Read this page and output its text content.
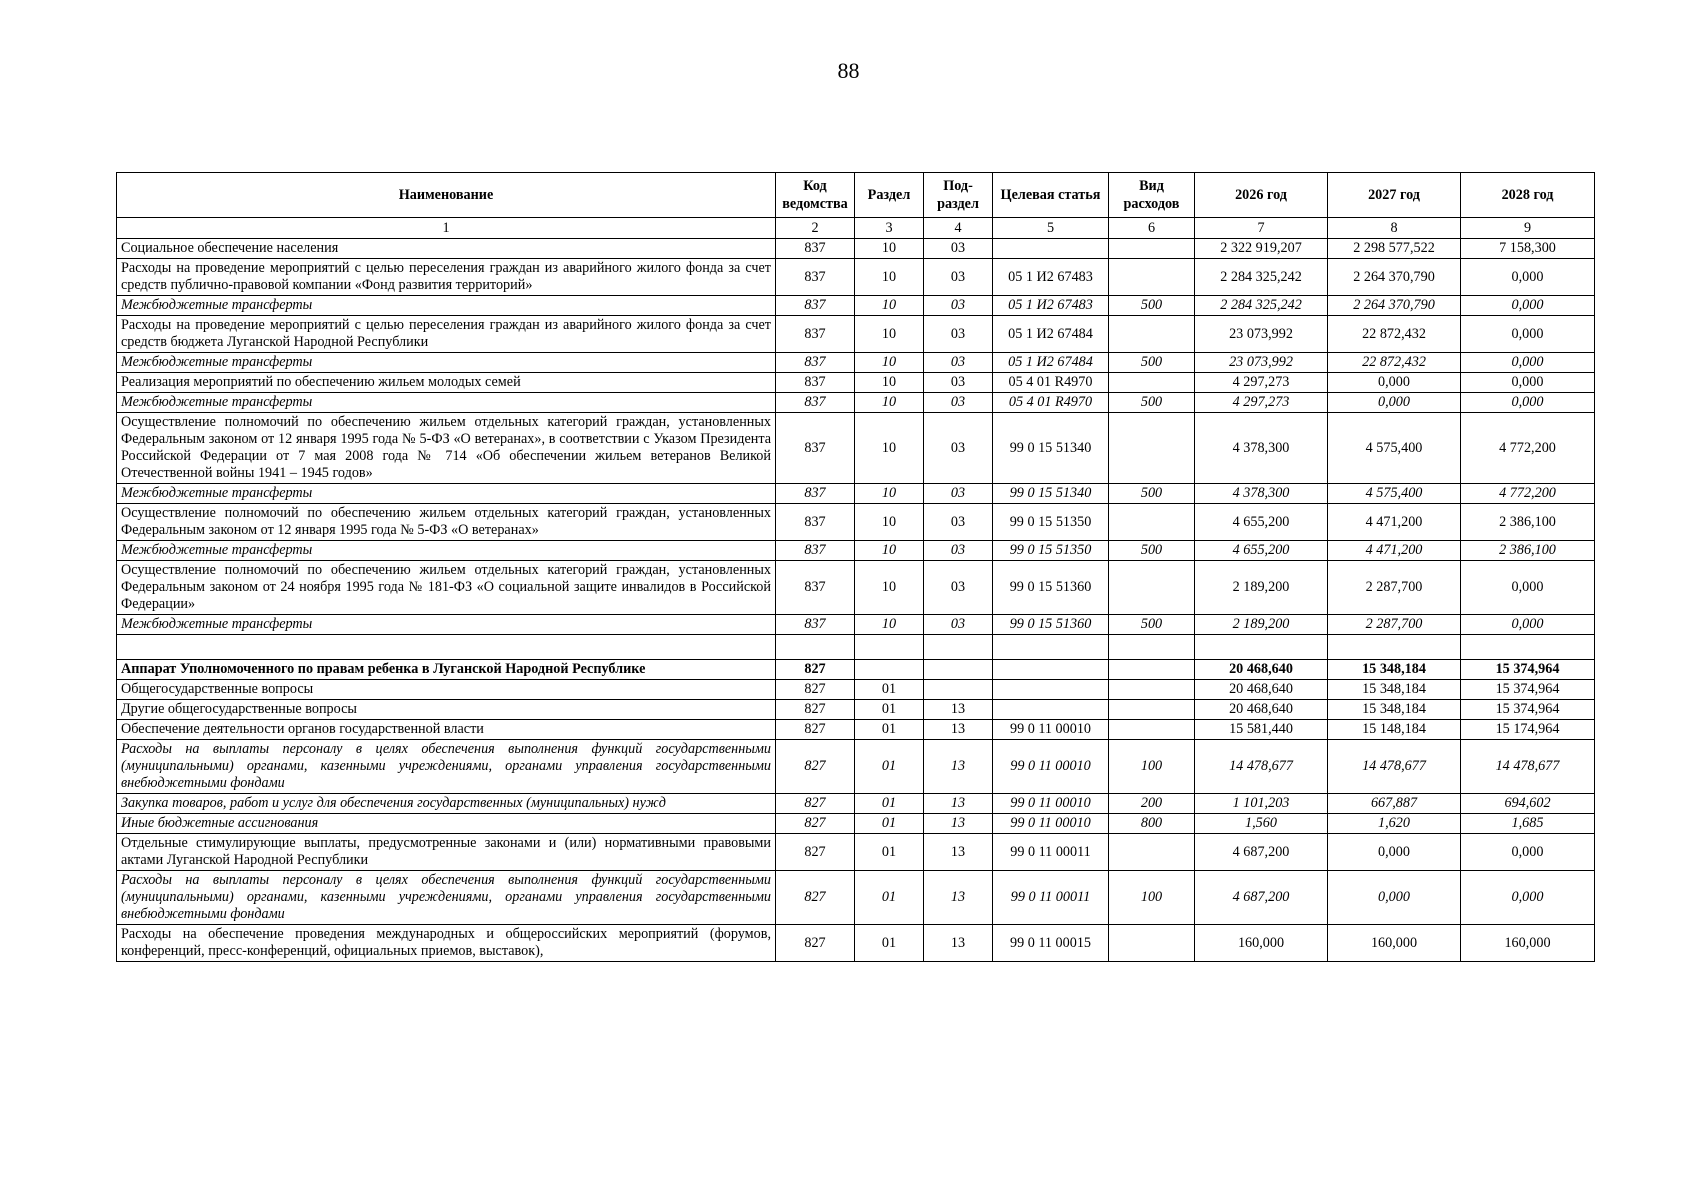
88
Наименование	Код ведомства	Раздел	Под-раздел	Целевая статья	Вид расходов	2026 год	2027 год	2028 год
1	2	3	4	5	6	7	8	9
Социальное обеспечение населения	837	10	03			2 322 919,207	2 298 577,522	7 158,300
Расходы на проведение мероприятий с целью переселения граждан из аварийного жилого фонда за счет средств публично-правовой компании «Фонд развития территорий»	837	10	03	05 1 И2 67483		2 284 325,242	2 264 370,790	0,000
Межбюджетные трансферты	837	10	03	05 1 И2 67483	500	2 284 325,242	2 264 370,790	0,000
Расходы на проведение мероприятий с целью переселения граждан из аварийного жилого фонда за счет средств бюджета Луганской Народной Республики	837	10	03	05 1 И2 67484		23 073,992	22 872,432	0,000
Межбюджетные трансферты	837	10	03	05 1 И2 67484	500	23 073,992	22 872,432	0,000
Реализация мероприятий по обеспечению жильем молодых семей	837	10	03	05 4 01 R4970		4 297,273	0,000	0,000
Межбюджетные трансферты	837	10	03	05 4 01 R4970	500	4 297,273	0,000	0,000
Осуществление полномочий по обеспечению жильем отдельных категорий граждан, установленных Федеральным законом от 12 января 1995 года № 5-ФЗ «О ветеранах», в соответствии с Указом Президента Российской Федерации от 7 мая 2008 года № 714 «Об обеспечении жильем ветеранов Великой Отечественной войны 1941 – 1945 годов»	837	10	03	99 0 15 51340		4 378,300	4 575,400	4 772,200
Межбюджетные трансферты	837	10	03	99 0 15 51340	500	4 378,300	4 575,400	4 772,200
Осуществление полномочий по обеспечению жильем отдельных категорий граждан, установленных Федеральным законом от 12 января 1995 года № 5-ФЗ «О ветеранах»	837	10	03	99 0 15 51350		4 655,200	4 471,200	2 386,100
Межбюджетные трансферты	837	10	03	99 0 15 51350	500	4 655,200	4 471,200	2 386,100
Осуществление полномочий по обеспечению жильем отдельных категорий граждан, установленных Федеральным законом от 24 ноября 1995 года № 181-ФЗ «О социальной защите инвалидов в Российской Федерации»	837	10	03	99 0 15 51360		2 189,200	2 287,700	0,000
Межбюджетные трансферты	837	10	03	99 0 15 51360	500	2 189,200	2 287,700	0,000

Аппарат Уполномоченного по правам ребенка в Луганской Народной Республике	827					20 468,640	15 348,184	15 374,964
Общегосударственные вопросы	827	01				20 468,640	15 348,184	15 374,964
Другие общегосударственные вопросы	827	01	13			20 468,640	15 348,184	15 374,964
Обеспечение деятельности органов государственной власти	827	01	13	99 0 11 00010		15 581,440	15 148,184	15 174,964
Расходы на выплаты персоналу в целях обеспечения выполнения функций государственными (муниципальными) органами, казенными учреждениями, органами управления государственными внебюджетными фондами	827	01	13	99 0 11 00010	100	14 478,677	14 478,677	14 478,677
Закупка товаров, работ и услуг для обеспечения государственных (муниципальных) нужд	827	01	13	99 0 11 00010	200	1 101,203	667,887	694,602
Иные бюджетные ассигнования	827	01	13	99 0 11 00010	800	1,560	1,620	1,685
Отдельные стимулирующие выплаты, предусмотренные законами и (или) нормативными правовыми актами Луганской Народной Республики	827	01	13	99 0 11 00011		4 687,200	0,000	0,000
Расходы на выплаты персоналу в целях обеспечения выполнения функций государственными (муниципальными) органами, казенными учреждениями, органами управления государственными внебюджетными фондами	827	01	13	99 0 11 00011	100	4 687,200	0,000	0,000
Расходы на обеспечение проведения международных и общероссийских мероприятий (форумов, конференций, пресс-конференций, официальных приемов, выставок),	827	01	13	99 0 11 00015		160,000	160,000	160,000
